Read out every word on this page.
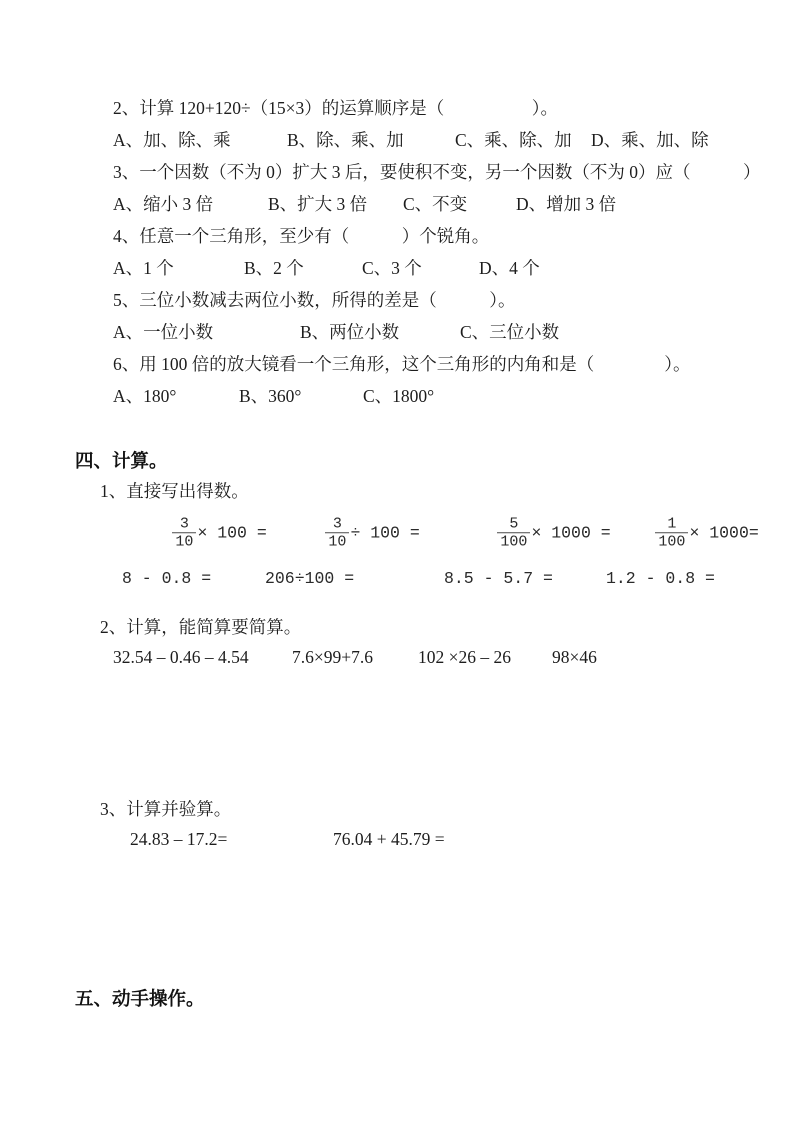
2、计算 120+120÷（15×3）的运算顺序是（　　　　　）。
A、加、除、乘	B、除、乘、加	C、乘、除、加 D、乘、加、除
3、一个因数（不为 0）扩大 3 后，要使积不变，另一个因数（不为 0）应（　　　）
A、缩小 3 倍	B、扩大 3 倍 C、不变	D、增加 3 倍
4、任意一个三角形，至少有（　　　）个锐角。
A、1 个	B、2 个	C、3 个	D、4 个
5、三位小数减去两位小数，所得的差是（　　　）。
A、一位小数	B、两位小数	C、三位小数
6、用 100 倍的放大镜看一个三角形，这个三角形的内角和是（　　　　）。
A、180°	B、360°	C、1800°
四、计算。
1、直接写出得数。

$\frac{3}{10} \times 100$ =

	$\frac{3}{10} \div 100$ =

	$\frac{5}{100} \times 1000$ =

	$\frac{1}{100} \times 1000=$

8 - 0.8 =	206÷100 =	8.5 - 5.7 =	1.2 - 0.8 =
2、计算，能简算要简算。
32.54 – 0.46 – 4.54 7.6×99+7.6	102 ×26 – 26 98×46
3、计算并验算。
24.83 – 17.2=	76.04 + 45.79 =
五、动手操作。
